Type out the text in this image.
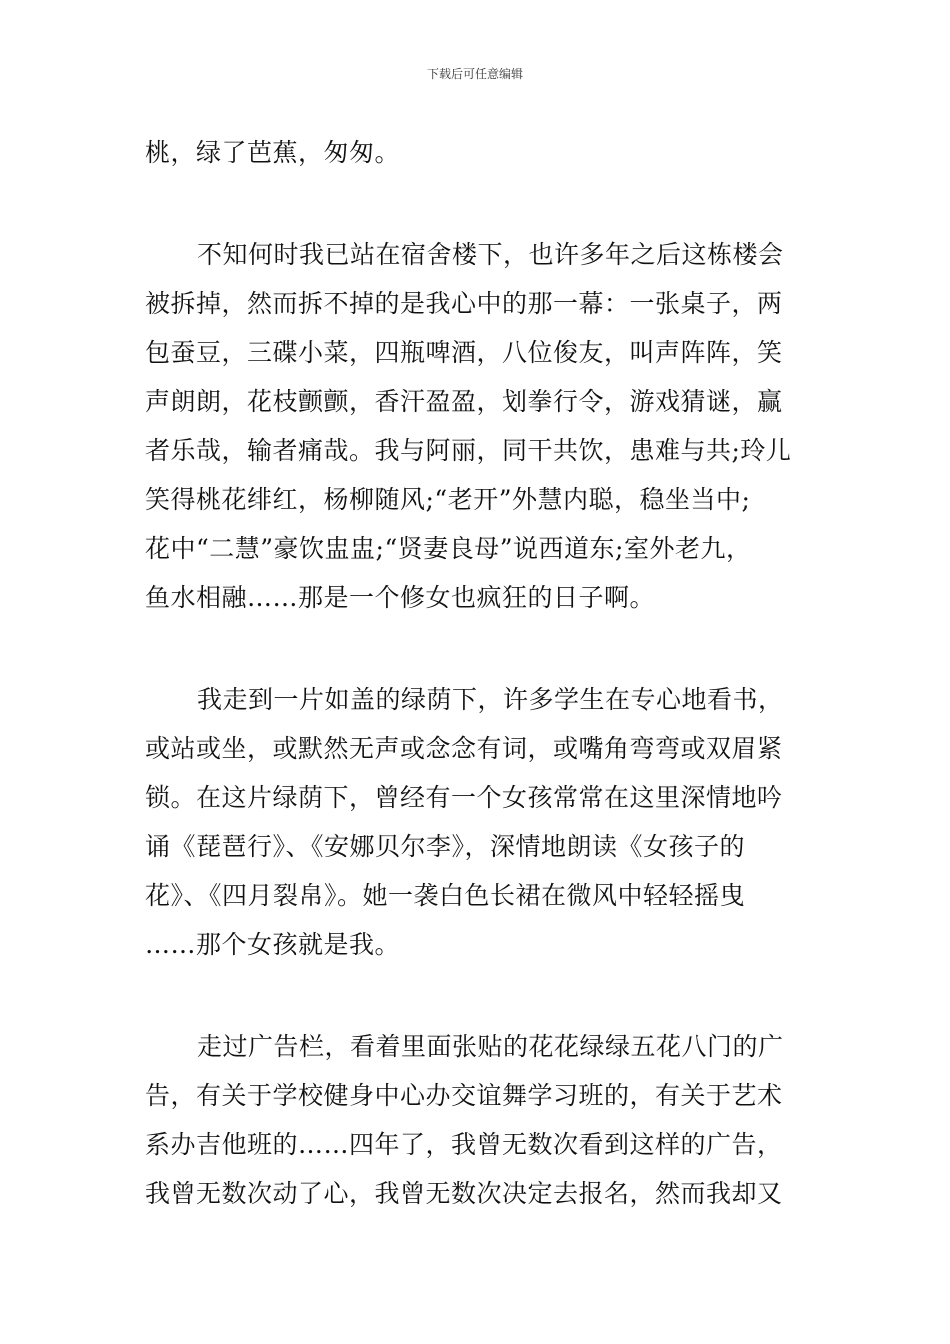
下载后可任意编辑

桃，绿了芭蕉，匆匆。

不知何时我已站在宿舍楼下，也许多年之后这栋楼会
被拆掉，然而拆不掉的是我心中的那一幕：一张桌子，两
包蚕豆，三碟小菜，四瓶啤酒，八位俊友，叫声阵阵，笑
声朗朗，花枝颤颤，香汗盈盈，划拳行令，游戏猜谜，赢
者乐哉，输者痛哉。我与阿丽，同干共饮，患难与共;玲儿
笑得桃花绯红，杨柳随风;“老开”外慧内聪，稳坐当中;
花中“二慧”豪饮盅盅;“贤妻良母”说西道东;室外老九，
鱼水相融……那是一个修女也疯狂的日子啊。

我走到一片如盖的绿荫下，许多学生在专心地看书，
或站或坐，或默然无声或念念有词，或嘴角弯弯或双眉紧
锁。在这片绿荫下，曾经有一个女孩常常在这里深情地吟
诵《琵琶行》、《安娜贝尔李》，深情地朗读《女孩子的
花》、《四月裂帛》。她一袭白色长裙在微风中轻轻摇曳
……那个女孩就是我。

走过广告栏，看着里面张贴的花花绿绿五花八门的广
告，有关于学校健身中心办交谊舞学习班的，有关于艺术
系办吉他班的……四年了，我曾无数次看到这样的广告，
我曾无数次动了心，我曾无数次决定去报名，然而我却又
